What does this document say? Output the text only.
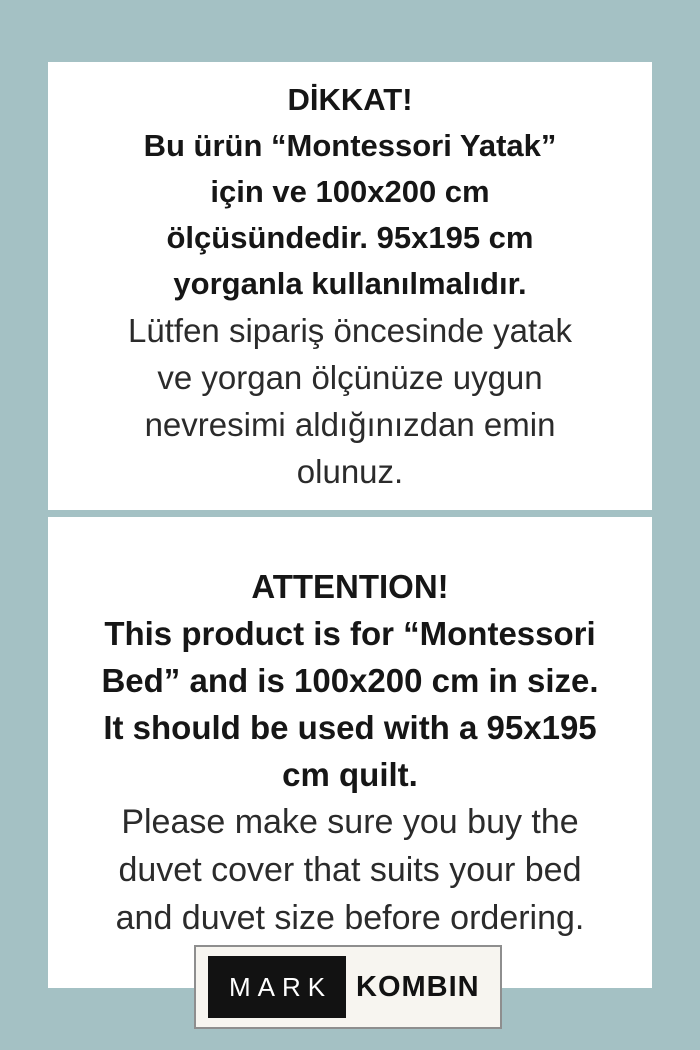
DİKKAT!
Bu ürün “Montessori Yatak”
için ve 100x200 cm
ölçüsündedir. 95x195 cm
yorganla kullanılmalıdır.
Lütfen sipariş öncesinde yatak
ve yorgan ölçünüze uygun
nevresimi aldığınızdan emin
olunuz.
ATTENTION!
This product is for “Montessori
Bed” and is 100x200 cm in size.
It should be used with a 95x195
cm quilt.
Please make sure you buy the
duvet cover that suits your bed
and duvet size before ordering.
MARK KOMBIN
